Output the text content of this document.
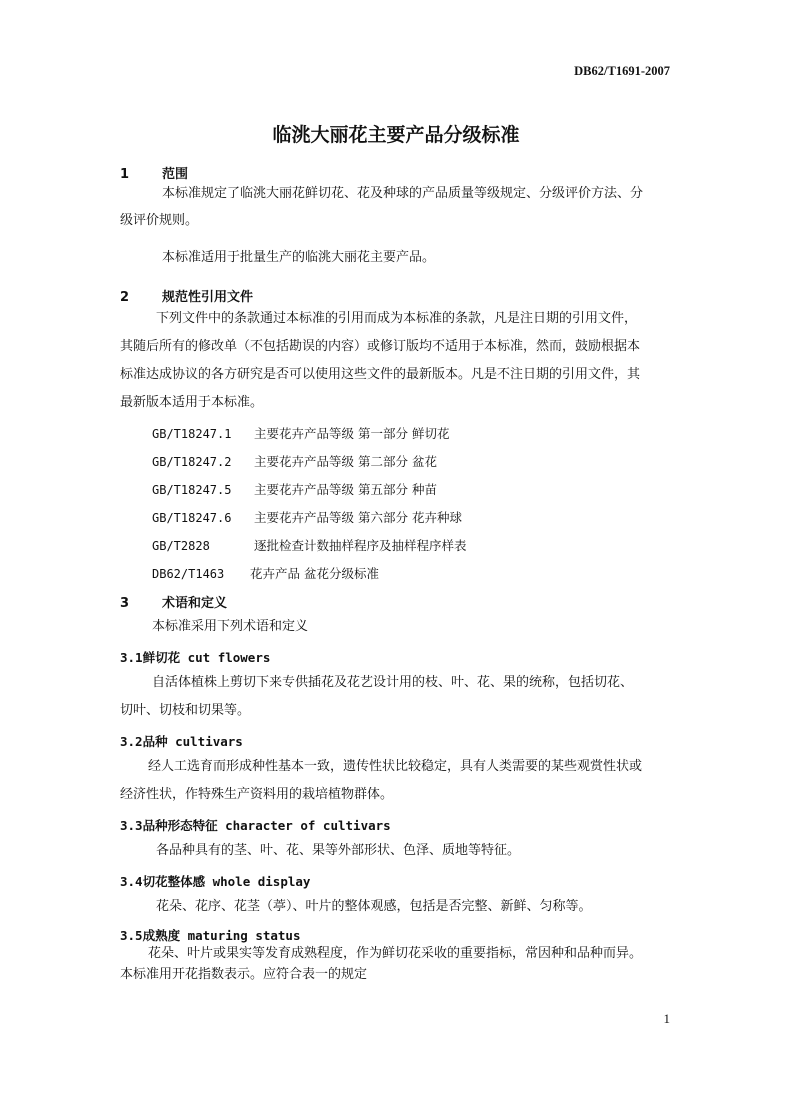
DB62/T1691-2007
临洮大丽花主要产品分级标准
1	范围
本标准规定了临洮大丽花鲜切花、花及种球的产品质量等级规定、分级评价方法、分
级评价规则。
本标准适用于批量生产的临洮大丽花主要产品。
2	规范性引用文件
下列文件中的条款通过本标准的引用而成为本标准的条款，凡是注日期的引用文件，
其随后所有的修改单（不包括勘误的内容）或修订版均不适用于本标准，然而，鼓励根据本
标准达成协议的各方研究是否可以使用这些文件的最新版本。凡是不注日期的引用文件，其
最新版本适用于本标准。
GB/T18247.1 主要花卉产品等级 第一部分 鲜切花
GB/T18247.2 主要花卉产品等级 第二部分 盆花
GB/T18247.5 主要花卉产品等级 第五部分 种苗
GB/T18247.6 主要花卉产品等级 第六部分 花卉种球
GB/T2828	逐批检查计数抽样程序及抽样程序样表
DB62/T1463 花卉产品 盆花分级标准
3	术语和定义
本标准采用下列术语和定义
3.1鲜切花 cut flowers
自活体植株上剪切下来专供插花及花艺设计用的枝、叶、花、果的统称，包括切花、
切叶、切枝和切果等。
3.2品种 cultivars
经人工选育而形成种性基本一致，遗传性状比较稳定，具有人类需要的某些观赏性状或
经济性状，作特殊生产资料用的栽培植物群体。
3.3品种形态特征 character of cultivars
各品种具有的茎、叶、花、果等外部形状、色泽、质地等特征。
3.4切花整体感 whole display
花朵、花序、花茎（葶）、叶片的整体观感，包括是否完整、新鲜、匀称等。
3.5成熟度 maturing status
花朵、叶片或果实等发育成熟程度，作为鲜切花采收的重要指标，常因种和品种而异。
本标准用开花指数表示。应符合表一的规定
1
